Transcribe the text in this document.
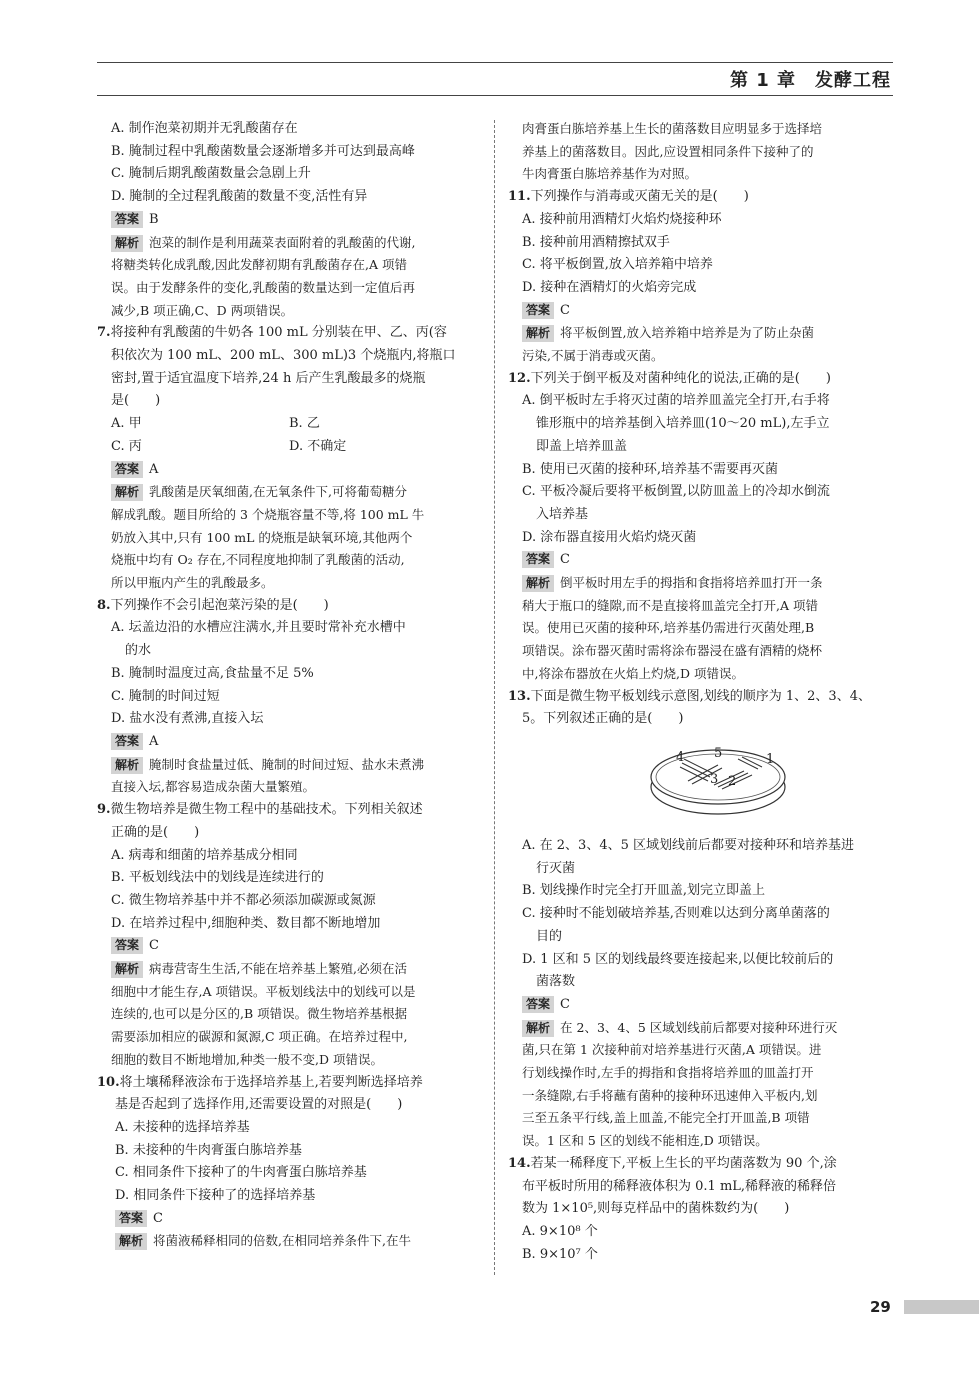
第 1 章　发酵工程
A. 制作泡菜初期并无乳酸菌存在
B. 腌制过程中乳酸菌数量会逐渐增多并可达到最高峰
C. 腌制后期乳酸菌数量会急剧上升
D. 腌制的全过程乳酸菌的数量不变,活性有异
答案 B
解析 泡菜的制作是利用蔬菜表面附着的乳酸菌的代谢,
将糖类转化成乳酸,因此发酵初期有乳酸菌存在,A 项错
误。由于发酵条件的变化,乳酸菌的数量达到一定值后再
减少,B 项正确,C、D 两项错误。
7.将接种有乳酸菌的牛奶各 100 mL 分别装在甲、乙、丙(容
积依次为 100 mL、200 mL、300 mL)3 个烧瓶内,将瓶口
密封,置于适宜温度下培养,24 h 后产生乳酸最多的烧瓶
是(　　)
A. 甲	B. 乙
C. 丙	D. 不确定
答案 A
解析 乳酸菌是厌氧细菌,在无氧条件下,可将葡萄糖分
解成乳酸。题目所给的 3 个烧瓶容量不等,将 100 mL 牛
奶放入其中,只有 100 mL 的烧瓶是缺氧环境,其他两个
烧瓶中均有 O₂ 存在,不同程度地抑制了乳酸菌的活动,
所以甲瓶内产生的乳酸最多。
8.下列操作不会引起泡菜污染的是(　　)
A. 坛盖边沿的水槽应注满水,并且要时常补充水槽中
的水
B. 腌制时温度过高,食盐量不足 5%
C. 腌制的时间过短
D. 盐水没有煮沸,直接入坛
答案 A
解析 腌制时食盐量过低、腌制的时间过短、盐水未煮沸
直接入坛,都容易造成杂菌大量繁殖。
9.微生物培养是微生物工程中的基础技术。下列相关叙述
正确的是(　　)
A. 病毒和细菌的培养基成分相同
B. 平板划线法中的划线是连续进行的
C. 微生物培养基中并不都必须添加碳源或氮源
D. 在培养过程中,细胞种类、数目都不断地增加
答案 C
解析 病毒营寄生生活,不能在培养基上繁殖,必须在活
细胞中才能生存,A 项错误。平板划线法中的划线可以是
连续的,也可以是分区的,B 项错误。微生物培养基根据
需要添加相应的碳源和氮源,C 项正确。在培养过程中,
细胞的数目不断地增加,种类一般不变,D 项错误。
10.将土壤稀释液涂布于选择培养基上,若要判断选择培养
基是否起到了选择作用,还需要设置的对照是(　　)
A. 未接种的选择培养基
B. 未接种的牛肉膏蛋白胨培养基
C. 相同条件下接种了的牛肉膏蛋白胨培养基
D. 相同条件下接种了的选择培养基
答案 C
解析 将菌液稀释相同的倍数,在相同培养条件下,在牛
肉膏蛋白胨培养基上生长的菌落数目应明显多于选择培
养基上的菌落数目。因此,应设置相同条件下接种了的
牛肉膏蛋白胨培养基作为对照。
11.下列操作与消毒或灭菌无关的是(　　)
A. 接种前用酒精灯火焰灼烧接种环
B. 接种前用酒精擦拭双手
C. 将平板倒置,放入培养箱中培养
D. 接种在酒精灯的火焰旁完成
答案 C
解析 将平板倒置,放入培养箱中培养是为了防止杂菌
污染,不属于消毒或灭菌。
12.下列关于倒平板及对菌种纯化的说法,正确的是(　　)
A. 倒平板时左手将灭过菌的培养皿盖完全打开,右手将
锥形瓶中的培养基倒入培养皿(10～20 mL),左手立
即盖上培养皿盖
B. 使用已灭菌的接种环,培养基不需要再灭菌
C. 平板冷凝后要将平板倒置,以防皿盖上的冷却水倒流
入培养基
D. 涂布器直接用火焰灼烧灭菌
答案 C
解析 倒平板时用左手的拇指和食指将培养皿打开一条
稍大于瓶口的缝隙,而不是直接将皿盖完全打开,A 项错
误。使用已灭菌的接种环,培养基仍需进行灭菌处理,B
项错误。涂布器灭菌时需将涂布器浸在盛有酒精的烧杯
中,将涂布器放在火焰上灼烧,D 项错误。
13.下面是微生物平板划线示意图,划线的顺序为 1、2、3、4、
5。下列叙述正确的是(　　)
4 5	1
3 2
A. 在 2、3、4、5 区域划线前后都要对接种环和培养基进
行灭菌
B. 划线操作时完全打开皿盖,划完立即盖上
C. 接种时不能划破培养基,否则难以达到分离单菌落的
目的
D. 1 区和 5 区的划线最终要连接起来,以便比较前后的
菌落数
答案 C
解析 在 2、3、4、5 区域划线前后都要对接种环进行灭
菌,只在第 1 次接种前对培养基进行灭菌,A 项错误。进
行划线操作时,左手的拇指和食指将培养皿的皿盖打开
一条缝隙,右手将蘸有菌种的接种环迅速伸入平板内,划
三至五条平行线,盖上皿盖,不能完全打开皿盖,B 项错
误。1 区和 5 区的划线不能相连,D 项错误。
14.若某一稀释度下,平板上生长的平均菌落数为 90 个,涂
布平板时所用的稀释液体积为 0.1 mL,稀释液的稀释倍
数为 1×10⁵,则每克样品中的菌株数约为(　　)
A. 9×10⁸ 个
B. 9×10⁷ 个
29
